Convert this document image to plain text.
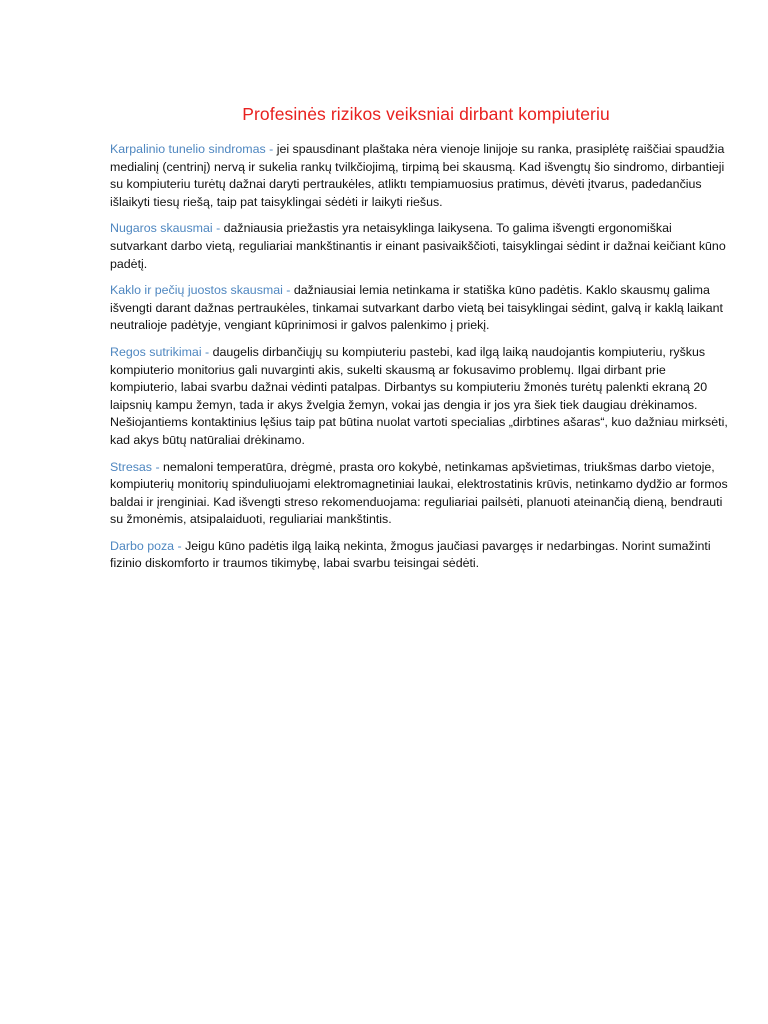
Profesinės rizikos veiksniai dirbant kompiuteriu

Karpalinio tunelio sindromas - jei spausdinant plaštaka nėra vienoje linijoje su ranka, prasiplėtę raiščiai spaudžia medialinį (centrinį) nervą ir sukelia rankų tvilkčiojimą, tirpimą bei skausmą. Kad išvengtų šio sindromo, dirbantieji su kompiuteriu turėtų dažnai daryti pertraukėles, atliktı tempiamuosius pratimus, dėvėti įtvarus, padedančius išlaikyti tiesų riešą, taip pat taisyklingai sėdėti ir laikyti riešus.

Nugaros skausmai - dažniausia priežastis yra netaisyklinga laikysena. To galima išvengti ergonomiškai sutvarkant darbo vietą, reguliariai mankštinantis ir einant pasivaikščioti, taisyklingai sėdint ir dažnai keičiant kūno padėtį.

Kaklo ir pečių juostos skausmai - dažniausiai lemia netinkama ir statiška kūno padėtis. Kaklo skausmų galima išvengti darant dažnas pertraukėles, tinkamai sutvarkant darbo vietą bei taisyklingai sėdint, galvą ir kaklą laikant neutralioje padėtyje, vengiant kūprinimosi ir galvos palenkimo į priekį.

Regos sutrikimai - daugelis dirbančiųjų su kompiuteriu pastebi, kad ilgą laiką naudojantis kompiuteriu, ryškus kompiuterio monitorius gali nuvarginti akis, sukelti skausmą ar fokusavimo problemų. Ilgai dirbant prie kompiuterio, labai svarbu dažnai vėdinti patalpas. Dirbantys su kompiuteriu žmonės turėtų palenkti ekraną 20 laipsnių kampu žemyn, tada ir akys žvelgia žemyn, vokai jas dengia ir jos yra šiek tiek daugiau drėkinamos. Nešiojantiems kontaktinius lęšius taip pat būtina nuolat vartoti specialias „dirbtines ašaras“, kuo dažniau mirksėti, kad akys būtų natūraliai drėkinamo.

Stresas - nemaloni temperatūra, drėgmė, prasta oro kokybė, netinkamas apšvietimas, triukšmas darbo vietoje, kompiuterių monitorių spinduliuojami elektromagnetiniai laukai, elektrostatinis krūvis, netinkamo dydžio ar formos baldai ir įrenginiai. Kad išvengti streso rekomenduojama: reguliariai pailsėti, planuoti ateinančią dieną, bendrauti su žmonėmis, atsipalaiduoti, reguliariai mankštintis.

Darbo poza - Jeigu kūno padėtis ilgą laiką nekinta, žmogus jaučiasi pavargęs ir nedarbingas. Norint sumažinti fizinio diskomforto ir traumos tikimybę, labai svarbu teisingai sėdėti.
